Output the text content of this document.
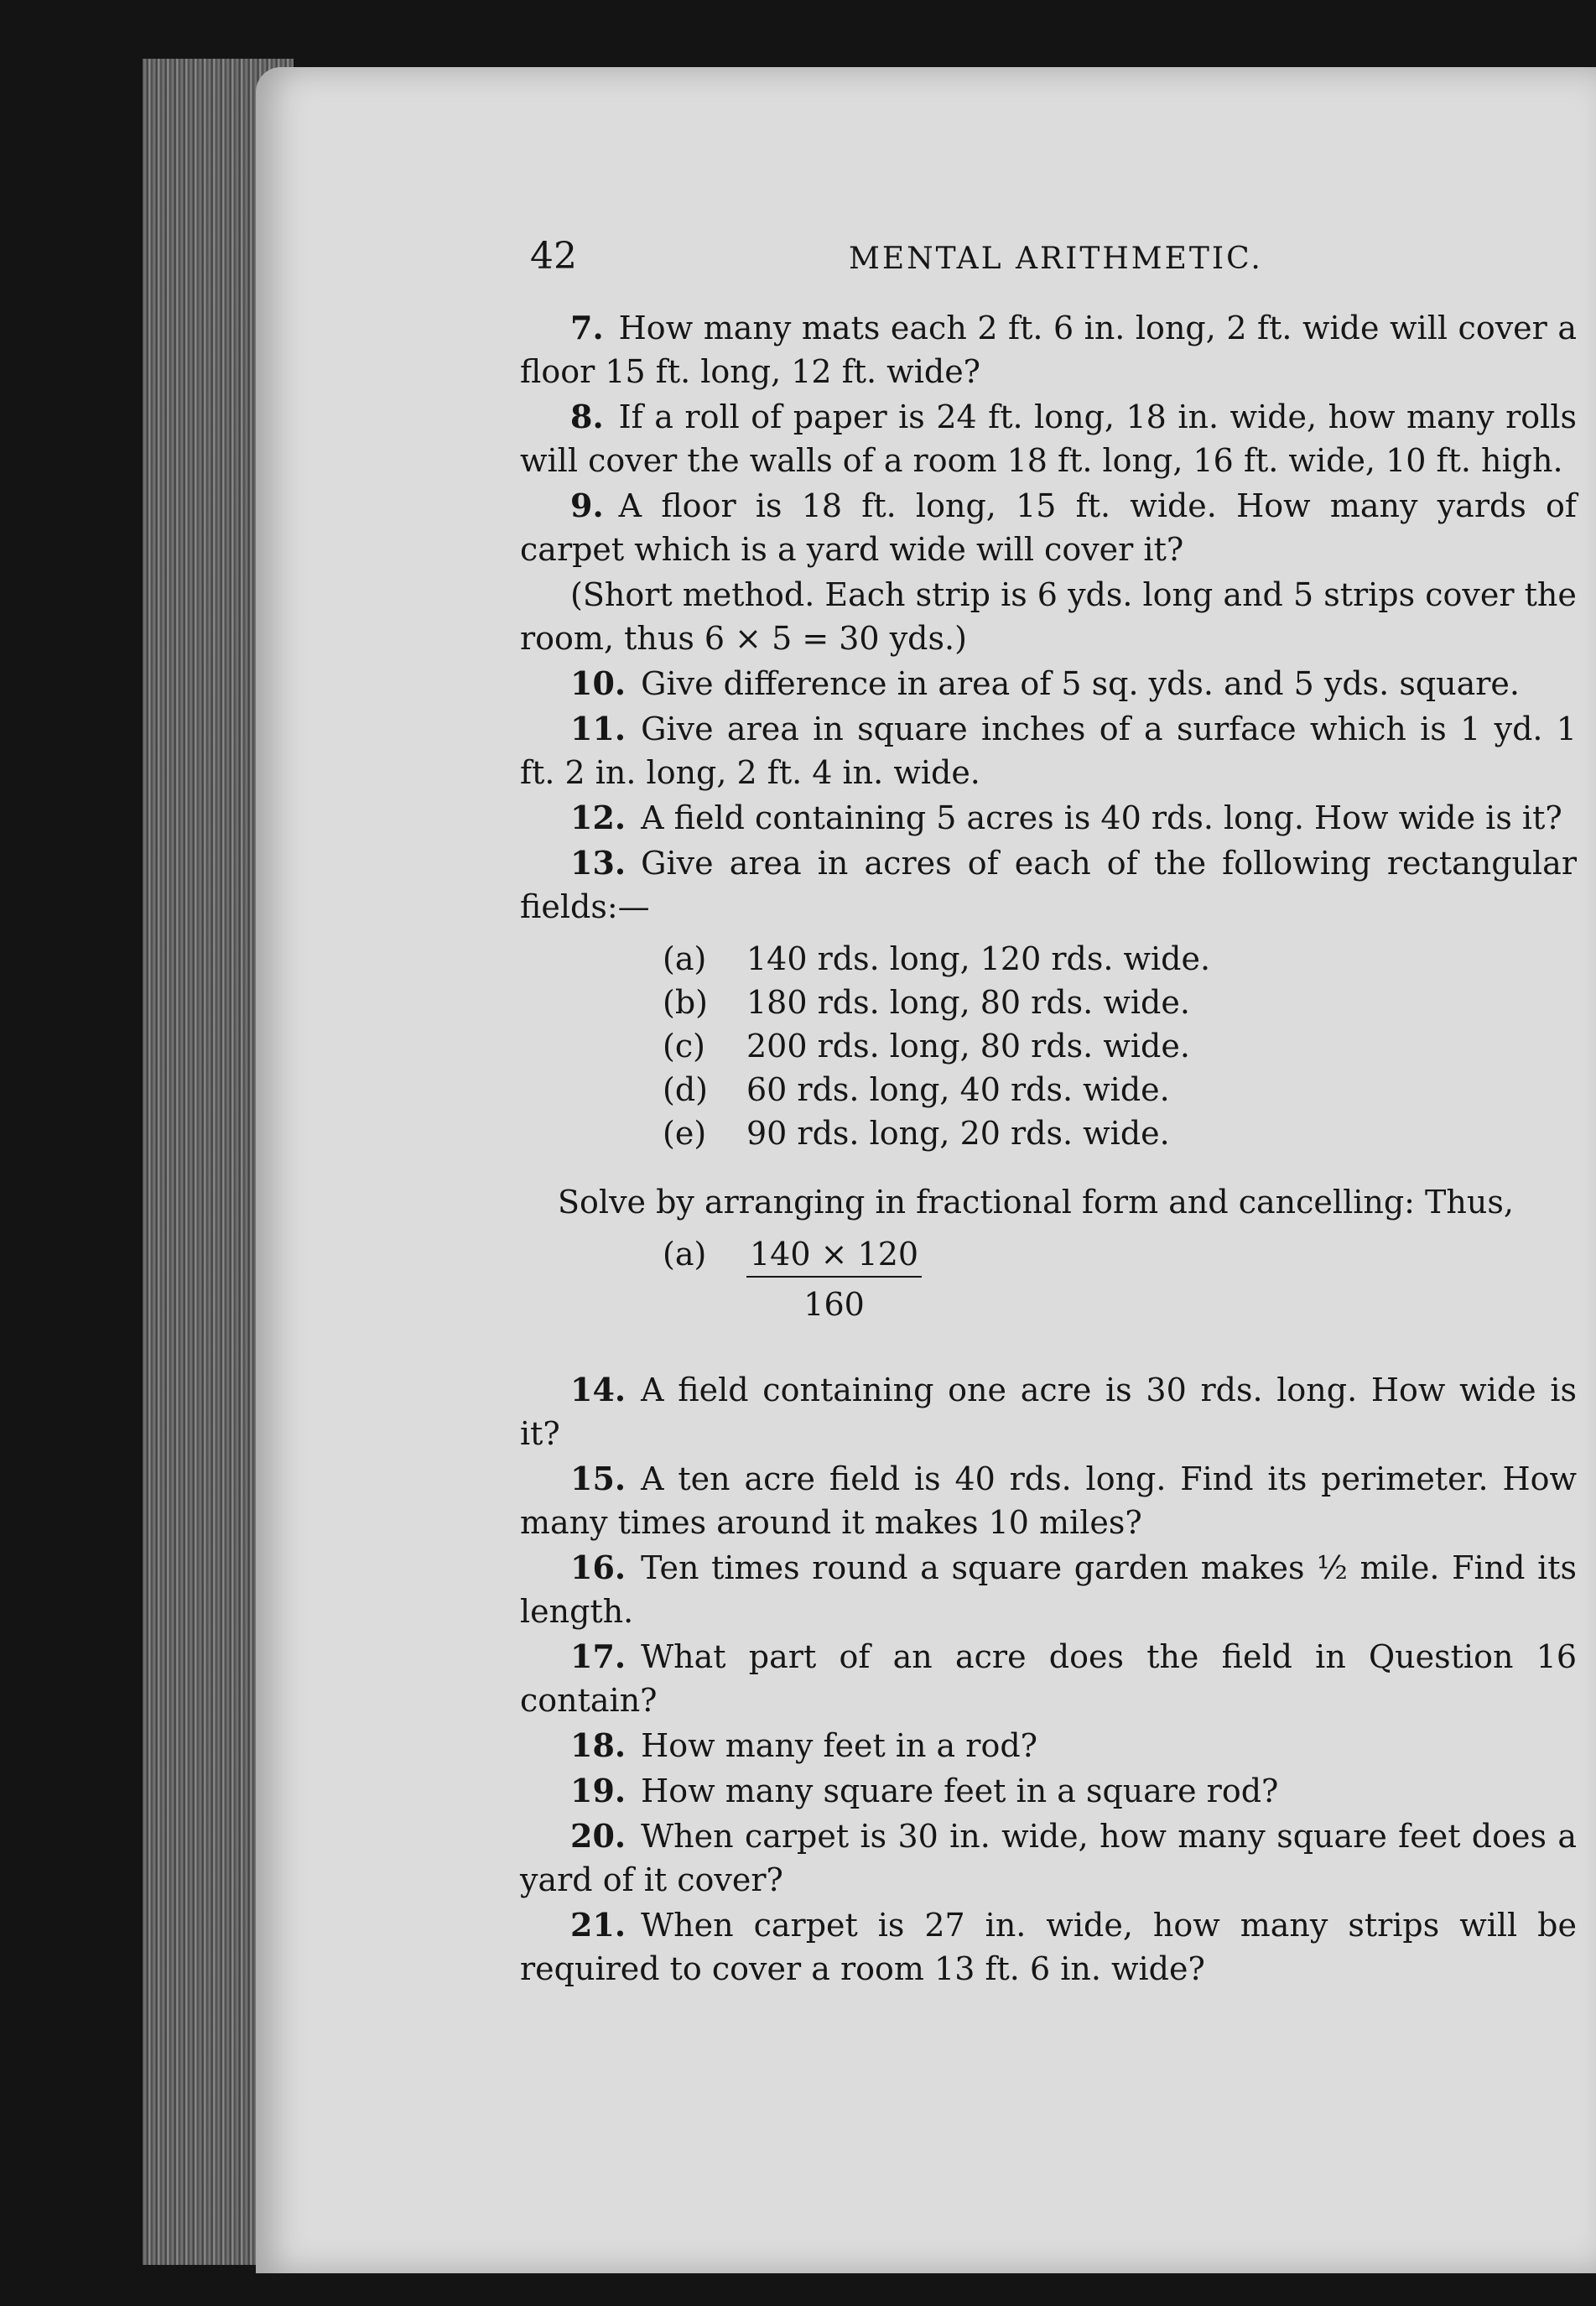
42	MENTAL ARITHMETIC.

7. How many mats each 2 ft. 6 in. long, 2 ft. wide will cover a floor 15 ft. long, 12 ft. wide?

8. If a roll of paper is 24 ft. long, 18 in. wide, how many rolls will cover the walls of a room 18 ft. long, 16 ft. wide, 10 ft. high.

9. A floor is 18 ft. long, 15 ft. wide. How many yards of carpet which is a yard wide will cover it?

(Short method. Each strip is 6 yds. long and 5 strips cover the room, thus 6 × 5 = 30 yds.)

10. Give difference in area of 5 sq. yds. and 5 yds. square.

11. Give area in square inches of a surface which is 1 yd. 1 ft. 2 in. long, 2 ft. 4 in. wide.

12. A field containing 5 acres is 40 rds. long. How wide is it?

13. Give area in acres of each of the following rectangular fields:—

(a)	140 rds. long, 120 rds. wide.
(b)	180 rds. long, 80 rds. wide.
(c)	200 rds. long, 80 rds. wide.
(d)	60 rds. long, 40 rds. wide.
(e)	90 rds. long, 20 rds. wide.

Solve by arranging in fractional form and cancelling: Thus,

(a)	$\frac{140 \times 120}{160}$

14. A field containing one acre is 30 rds. long. How wide is it?

15. A ten acre field is 40 rds. long. Find its perimeter. How many times around it makes 10 miles?

16. Ten times round a square garden makes ½ mile. Find its length.

17. What part of an acre does the field in Question 16 contain?

18. How many feet in a rod?

19. How many square feet in a square rod?

20. When carpet is 30 in. wide, how many square feet does a yard of it cover?

21. When carpet is 27 in. wide, how many strips will be required to cover a room 13 ft. 6 in. wide?
